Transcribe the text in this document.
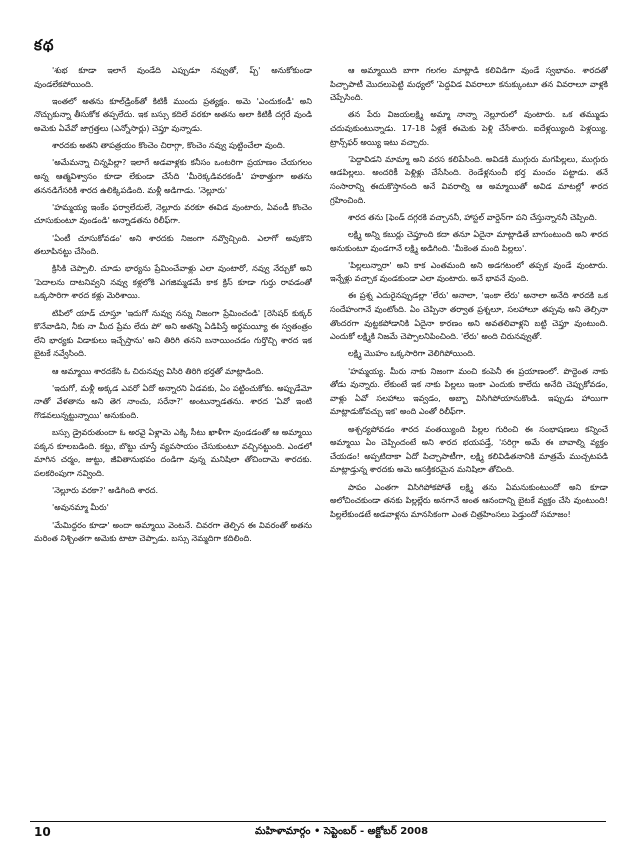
కథ

'శుభ కూడా ఇలాగే వుండేది ఎప్పుడూ నవ్వుతో, ప్చ్' అనుకోకుండా వుండలేకపోయింది.

ఇంతలో అతను కూల్‌డ్రింక్‌తో కిటికీ ముందు ప్రత్యక్షం. అమె 'ఎందుకండీ' అని నొచ్చుకున్నా తీసుకోక తప్పలేదు. ఇక బస్సు కదిలే వరకూ అతను అలా కిటికీ దగ్గరే వుండి అమెకు ఏవేవో జాగ్రత్తలు (ఎన్నోసార్లు) చెప్తూ వున్నాడు.

శారదకు అతని తాపత్రయం కొంచెం చిరాగ్గా, కొంచెం నవ్వు పుట్టించేలా వుంది.

'అమేమన్నా చిన్నపిల్లా? ఇలాగే అడవాళ్లకు కనీసం ఒంటరిగా ప్రయాణం చేయగలం అన్న ఆత్మవిశ్వాసం కూడా లేకుండా చేసేది 'మీరెక్కడివరకండీ' హఠాత్తుగా అతను తననడిగేసరికి శారద ఉలిక్కిపడింది. మళ్లీ అడిగాడు. 'నెల్లూరు'

'హమ్మయ్య ఇంకేం ఫర్వాలేదులే, నెల్లూరు వరకూ ఈవిడ వుంటారు, ఏవండీ కొంచెం చూసుకుంటూ వుండండి' అన్నాడతను రిలీఫ్‌గా.

'ఏంటీ చూసుకోవడం' అని శారదకు నిజంగా నవ్వొచ్చింది. ఎలాగో అవుకొని తలూపినట్టు చేసింది.

క్రిసికి చెప్పాలి. చూడు భార్యను ప్రేమించేవాళ్లు ఎలా వుంటారో, నవ్వు నేర్చుకో అని 'పెదాలను దాటనివ్వని నవ్వు కళ్లలోకి ఎగజిమ్మడమే కాక క్రిస్ కూడా గుర్తు రావడంతో ఒక్కసారిగా శారద కళ్లు మెరిశాయి.

టిపిలో యాడ్ చూస్తూ 'ఇదుగో నువ్వు నన్ను నిజంగా ప్రేమించండి' [రెసిషర్ కుక్కర్ కొనేవాడిని, నీకు నా మీద ప్రేమ లేదు పో' అని అతన్ని ఏడిపిస్తే అర్థమయ్యీ ఈ స్వతంత్రం లేని భార్యకు విడాకులు ఇచ్చేస్తాను' అని తిరిగి తనని బనాయించడం గుర్తొచ్చి శారద ఇక బైటకే నవ్వేసింది.

ఆ అమ్మాయి శారదకేసి ఓ చిరునవ్వు విసిరి తిరిగి భర్తతో మాట్లాడింది.

'ఇదుగో, మళ్లీ అక్కడ ఎవరో ఏదో అన్నారని ఏడవకు, ఏం పట్టించుకోకు. అప్పుడేమో నాతో వేళతాను అని తెగ నాంచు, సరేనా?' అంటున్నాడతను. శారద 'ఏవో ఇంటి గొడవలున్నట్టున్నాయి' అనుకుంది.

బస్సు డ్రైవరుతుందా ఓ అరవై ఏళ్లామె ఎక్కి సీటు ఖాళీగా వుండడంతో ఆ అమ్మాయి పక్కన కూలబడింది. కట్టు, బొట్టు చూస్తే వ్యవసాయం చేసుకుంటూ వచ్చినట్టుంది. ఎండలో మాగిన చర్మం, జుట్టు, జీవితానుభవం దండిగా వున్న మనిషిలా తోచిందామె శారదకు. పలకరింపుగా నవ్వింది.

'నెల్లూరు వరకా?' అడిగింది శారద.

'అవునమ్మా మీరు'

'మేమిద్దరం కూడా' అందా అమ్మాయి వెంటనే. చివరగా తెల్పిన ఈ వివరంతో అతను మరింత నిశ్చింతగా అమెకు టాటా చెప్పాడు. బస్సు నెమ్మదిగా కదిలింది.

ఆ అమ్మాయిది బాగా గలగల మాట్లాడి కలివిడిగా వుండే స్వభావం. శారదతో పిచ్చాపాటీ మొదలుపెట్టి మధ్యలో 'పెద్దవిడ వివరాలూ కనుక్కుంటూ తన వివరాలూ వాళ్లకి చెప్పేసింది.

తన పేరు విజయలక్ష్మి అమ్మా నాన్నా నెల్లూరులో వుంటారు. ఒక తమ్ముడు చదువుకుంటున్నాడు. 17-18 ఏళ్లకే ఈమెకు పెళ్లి చేసేశారు. ఐదేళ్లయ్యింది పెళ్లయ్యి. ట్రాన్స్‌ఫర్ అయ్యి ఇటు వచ్చారు.

'పెద్దావిడని మామ్మా అని వరస కలిపేసింది. అవిడకి ముగ్గురు మగపిల్లలు, ముగ్గురు ఆడపిల్లలు. అందరికీ పెళ్లిళ్లు చేసేసింది. రెండేళ్లనుంచీ భర్త మంచం పట్టాడు. తనే సంసారాన్ని ఈదుకొస్తానంది అనే వివరాల్ని ఆ అమ్మాయితో అవిడ మాటల్లో శారద గ్రహించింది.

శారద తను [ఫెండ్ దగ్గరకి వచ్చాననీ, హాస్టల్ వార్డెన్‌గా పని చేస్తున్నాననీ చెప్పింది.

లక్ష్మి అన్ని కబుర్లు చెప్తూంది కదా తనూ ఏదైనా మాట్లాడితే బాగుంటుంది అని శారద అనుకుంటూ వుండగానే లక్ష్మి అడిగింది. 'మీకెంత మంది పిల్లలు'.

'పిల్లలున్నారా' అని కాక ఎంతమంది అని అడగటంలో తప్పక వుండే వుంటారు. ఇన్నేళ్లు వచ్చాక వుండకుండా ఎలా వుంటారు. అనే భావనే వుంది.

ఈ ప్రశ్న ఎదురైనప్పుడల్లా 'లేరు' అనాలా, 'ఇంకా లేరు' అనాలా అనేది శారదకి ఒక సందేహంగానే వుంటోంది. ఏం చెప్పినా తర్వాత ప్రశ్నలూ, సలహాలూ తప్పవు అని తెల్సినా తొందరగా వుట్టకపోడానికి ఏదైనా కారణం అని అవతలివాళ్లని బట్టి చెప్తూ వుంటుంది. ఎందుకో లక్ష్మికి నిజమే చెప్పాలనిపించింది. 'లేరు' అంది చిరునవ్వుతో.

లక్ష్మి మొహం ఒక్కసారిగా వెలిగిపోయింది.

'హమ్మయ్య. మీరు నాకు నిజంగా మంచి కంపెనీ ఈ ప్రయాణంలో. పొద్దెంత నాకు తోడు వున్నారు. లేకుంటే ఇక నాకు పిల్లలు ఇంకా ఎందుకు కాలేదు అనేది చెప్పుకోవడం, వాళ్లు ఏవో సలహాలు ఇవ్వడం, అబ్బా విసిగిపోయానుకొండి. ఇప్పుడు హాయిగా మాట్లాడుకోవచ్చు ఇక' అంది ఎంతో రిలీఫ్‌గా.

అశ్చర్యపోవడం శారద వంతయ్యింది పిల్లల గురించి ఈ సంభాషణలు కన్నించే అమ్మాయి ఏం చెప్పిందంటే అని శారద భయపడ్తే, 'సరిగ్గా అమే ఈ బావాల్ని వ్యక్తం చేయడం! అప్పటిదాకా ఏదో పిచ్చాపాటీగా, లక్ష్మి కలివిడితనానికి మాత్రమే ముచ్చటపడి మాట్లాడ్తున్న శారదకు అమె ఆసక్తికరమైన మనిషిలా తోచింది.

పాపం ఎంతగా విసిగిపోకపోతే లక్ష్మి తను ఏమనుకుంటుందో అని కూడా అలోచించకుండా తనకు పిల్లల్లేరు అనగానే అంత ఆనందాన్ని బైటకే వ్యక్తం చేసి వుంటుంది! పిల్లలేకుండటే అడవాళ్లను మానసికంగా ఎంత చిత్రహింసలు పెడ్తుందో సమాజం!

10	మహిళామార్గం • సెప్టెంబర్ - అక్టోబర్ 2008
